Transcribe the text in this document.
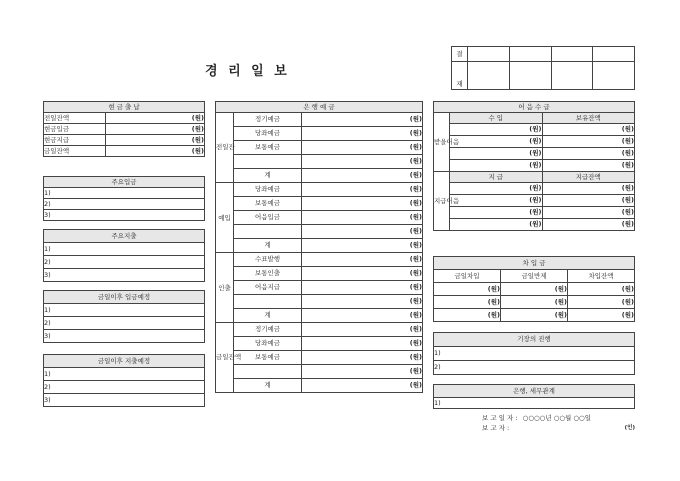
경 리 일 보
결				
재				
현 금 출 납	
전일잔액	(원)
현금입금	(원)
현금지급	(원)
금일잔액	(원)
주요입금
1)
2)
3)
주요지출
1)
2)
3)
금일이후 입금예정
1)
2)
3)
금일이후 지출예정
1)
2)
3)
은 행 예 금		
전일잔	정기예금	(원)
	당좌예금	(원)
	보통예금	(원)
		(원)
	계	(원)
예입	당좌예금	(원)
	보통예금	(원)
	어음입금	(원)
		(원)
	계	(원)
인출	수표발행	(원)
	보통인출	(원)
	어음지급	(원)
		(원)
	계	(원)
금일잔액	정기예금	(원)
	당좌예금	(원)
	보통예금	(원)
		(원)
	계	(원)
어 음 수 급		
받을어음	수 입	보유잔액
	(원)	(원)
	(원)	(원)
	(원)	(원)
	(원)	(원)
지급어음	지 급	지급잔액
	(원)	(원)
	(원)	(원)
	(원)	(원)
	(원)	(원)
차 입 금		
금일차입	금일반제	차입잔액
(원)	(원)	(원)
(원)	(원)	(원)
(원)	(원)	(원)
기장의 진행
1)
2)
은행, 세무관계
1)
보 고 일 자 : ○○○○년 ○○월 ○○일
보 고 자 :	(인)
